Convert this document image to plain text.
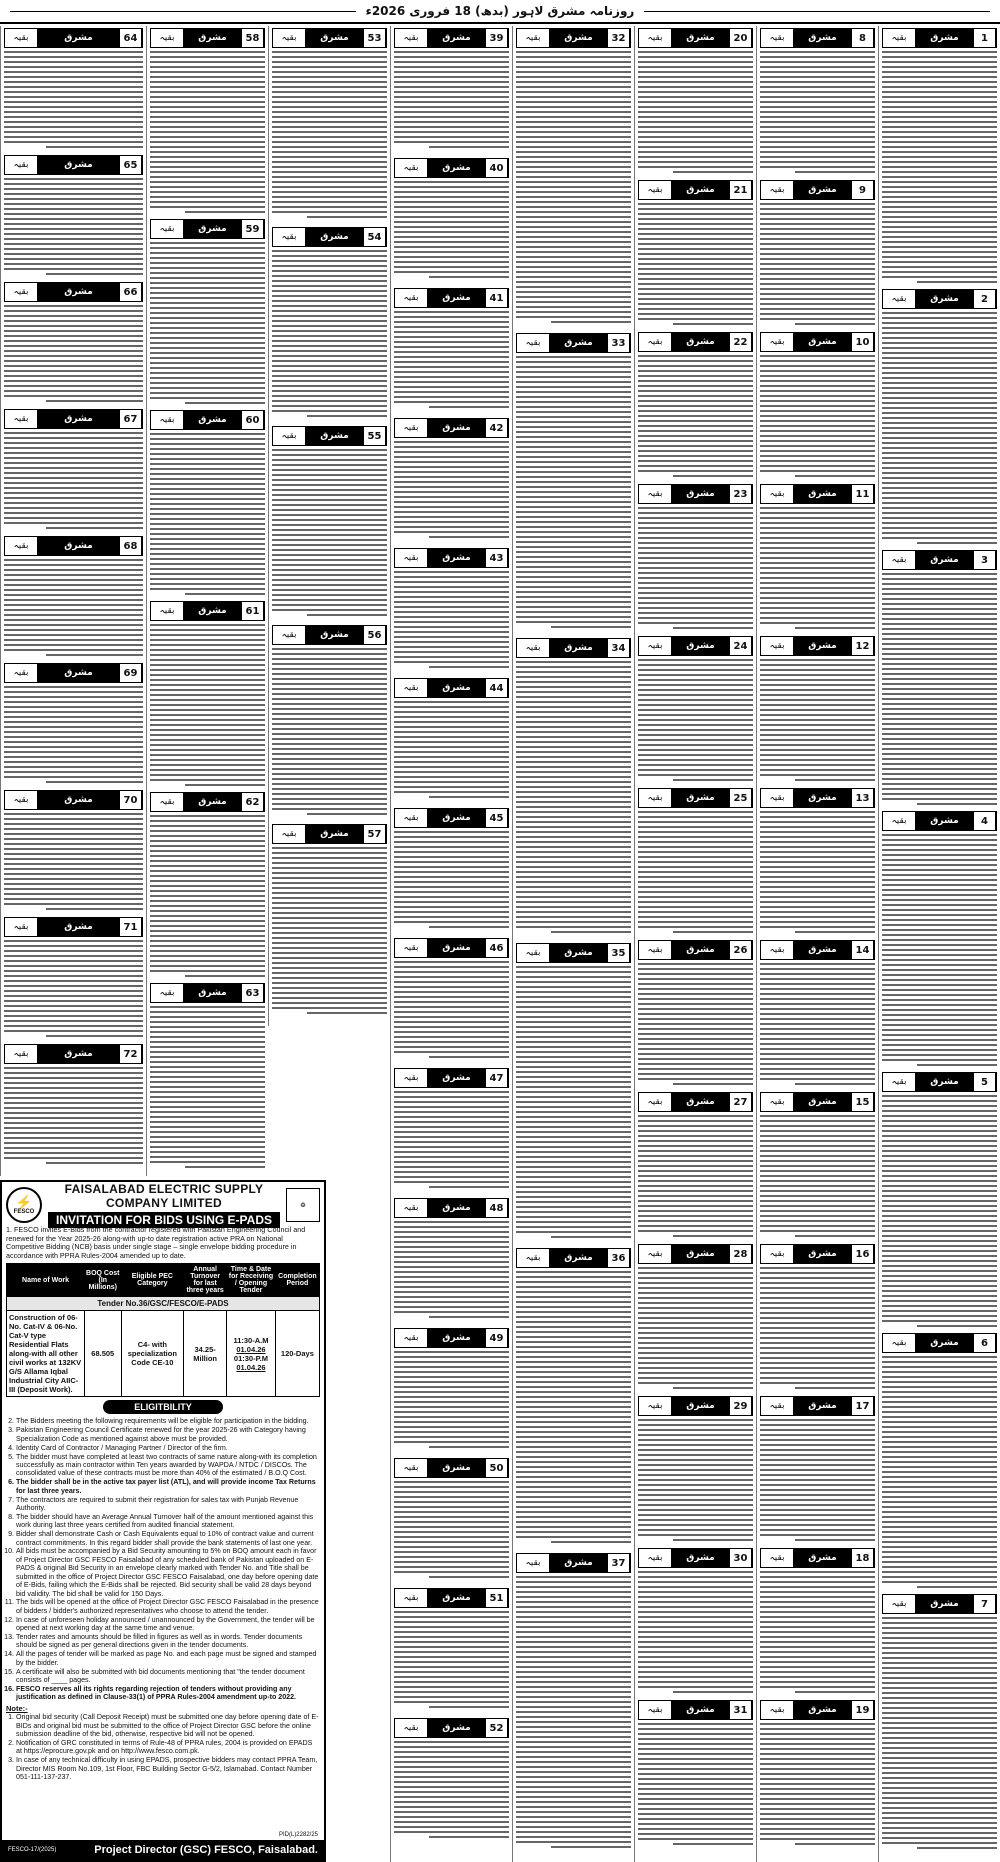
روزنامہ مشرق لاہور (بدھ) 18 فروری 2026ء
بقیہ	مشرق	1
بقیہ	مشرق	2
بقیہ	مشرق	3
بقیہ	مشرق	4
بقیہ	مشرق	5
بقیہ	مشرق	6
بقیہ	مشرق	7
بقیہ	مشرق	8
بقیہ	مشرق	9
بقیہ	مشرق	10
بقیہ	مشرق	11
بقیہ	مشرق	12
بقیہ	مشرق	13
بقیہ	مشرق	14
بقیہ	مشرق	15
بقیہ	مشرق	16
بقیہ	مشرق	17
بقیہ	مشرق	18
بقیہ	مشرق	19
بقیہ	مشرق	20
بقیہ	مشرق	21
بقیہ	مشرق	22
بقیہ	مشرق	23
بقیہ	مشرق	24
بقیہ	مشرق	25
بقیہ	مشرق	26
بقیہ	مشرق	27
بقیہ	مشرق	28
بقیہ	مشرق	29
بقیہ	مشرق	30
بقیہ	مشرق	31
بقیہ	مشرق	32
بقیہ	مشرق	33
بقیہ	مشرق	34
بقیہ	مشرق	35
بقیہ	مشرق	36
بقیہ	مشرق	37
بقیہ	مشرق	39
بقیہ	مشرق	40
بقیہ	مشرق	41
بقیہ	مشرق	42
بقیہ	مشرق	43
بقیہ	مشرق	44
بقیہ	مشرق	45
بقیہ	مشرق	46
بقیہ	مشرق	47
بقیہ	مشرق	48
بقیہ	مشرق	49
بقیہ	مشرق	50
بقیہ	مشرق	51
بقیہ	مشرق	52
بقیہ	مشرق	53
بقیہ	مشرق	54
بقیہ	مشرق	55
بقیہ	مشرق	56
بقیہ	مشرق	57
بقیہ	مشرق	58
بقیہ	مشرق	59
بقیہ	مشرق	60
بقیہ	مشرق	61
بقیہ	مشرق	62
بقیہ	مشرق	63
بقیہ	مشرق	64
بقیہ	مشرق	65
بقیہ	مشرق	66
بقیہ	مشرق	67
بقیہ	مشرق	68
بقیہ	مشرق	69
بقیہ	مشرق	70
بقیہ	مشرق	71
بقیہ	مشرق	72
⚡
FESCO
FAISALABAD ELECTRIC SUPPLY COMPANY LIMITED
INVITATION FOR BIDS USING E-PADS
❂

1. FESCO invites E-Bids from the contractor registered with Pakistan Engineering Council and renewed for the Year 2025-26 along-with up-to date registration active PRA on National Competitive Bidding (NCB) basis under single stage – single envelope bidding procedure in accordance with PPRA Rules-2004 amended up to date.

Name of Work	BOQ Cost (In Millions)	Eligible PEC Category	Annual Turnover for last three years	Time & Date for Receiving / Opening Tender	Completion Period
Tender No.36/GSC/FESCO/E-PADS					
Construction of 06-No. Cat-IV & 06-No. Cat-V type Residential Flats along-with all other civil works at 132KV G/S Allama Iqbal Industrial City AIIC-III (Deposit Work).	68.505	C4- with specialization Code CE-10	34.25-Million	11:30-A.M
01.04.26
01:30-P.M
01.04.26	120-Days
ELIGITBILITY
2. The Bidders meeting the following requirements will be eligible for participation in the bidding.
3. Pakistan Engineering Council Certificate renewed for the year 2025-26 with Category having Specialization Code as mentioned against above must be provided.
4. Identity Card of Contractor / Managing Partner / Director of the firm.
5. The bidder must have completed at least two contracts of same nature along-with its completion successfully as main contractor within Ten years awarded by WAPDA / NTDC / DISCOs. The consolidated value of these contracts must be more than 40% of the estimated / B.O.Q Cost.
6. The bidder shall be in the active tax payer list (ATL), and will provide income Tax Returns for last three years.
7. The contractors are required to submit their registration for sales tax with Punjab Revenue Authority.
8. The bidder should have an Average Annual Turnover half of the amount mentioned against this work during last three years certified from audited financial statement.
9. Bidder shall demonstrate Cash or Cash Equivalents equal to 10% of contract value and current contract commitments. In this regard bidder shall provide the bank statements of last one year.
10. All bids must be accompanied by a Bid Security amounting to 5% on BOQ amount each in favor of Project Director GSC FESCO Faisalabad of any scheduled bank of Pakistan uploaded on E-PADS & original Bid Security in an envelope clearly marked with Tender No. and Title shall be submitted in the office of Project Director GSC FESCO Faisalabad, one day before opening date of E-Bids, failing which the E-Bids shall be rejected. Bid security shall be valid 28 days beyond bid validity. The bid shall be valid for 150 Days.
11. The bids will be opened at the office of Project Director GSC FESCO Faisalabad in the presence of bidders / bidder's authorized representatives who choose to attend the tender.
12. In case of unforeseen holiday announced / unannounced by the Government, the tender will be opened at next working day at the same time and venue.
13. Tender rates and amounts should be filled in figures as well as in words. Tender documents should be signed as per general directions given in the tender documents.
14. All the pages of tender will be marked as page No. and each page must be signed and stamped by the bidder.
15. A certificate will also be submitted with bid documents mentioning that "the tender document consists of ____ pages.
16. FESCO reserves all its rights regarding rejection of tenders without providing any justification as defined in Clause-33(1) of PPRA Rules-2004 amendment up-to 2022.
Note:-
1. Original bid security (Call Deposit Receipt) must be submitted one day before opening date of E-BIDs and original bid must be submitted to the office of Project Director GSC before the online submission deadline of the bid, otherwise, respective bid will not be opened.
2. Notification of GRC constituted in terms of Rule-48 of PPRA rules, 2004 is provided on EPADS at https://eprocure.gov.pk and on http://www.fesco.com.pk.
3. In case of any technical difficulty in using EPADS, prospective bidders may contact PPRA Team, Director MIS Room No.109, 1st Floor, FBC Building Sector G-5/2, Islamabad. Contact Number 051-111-137-237.
PID(L)2282/25
FESCO-17/(2025)	Project Director (GSC) FESCO, Faisalabad.
